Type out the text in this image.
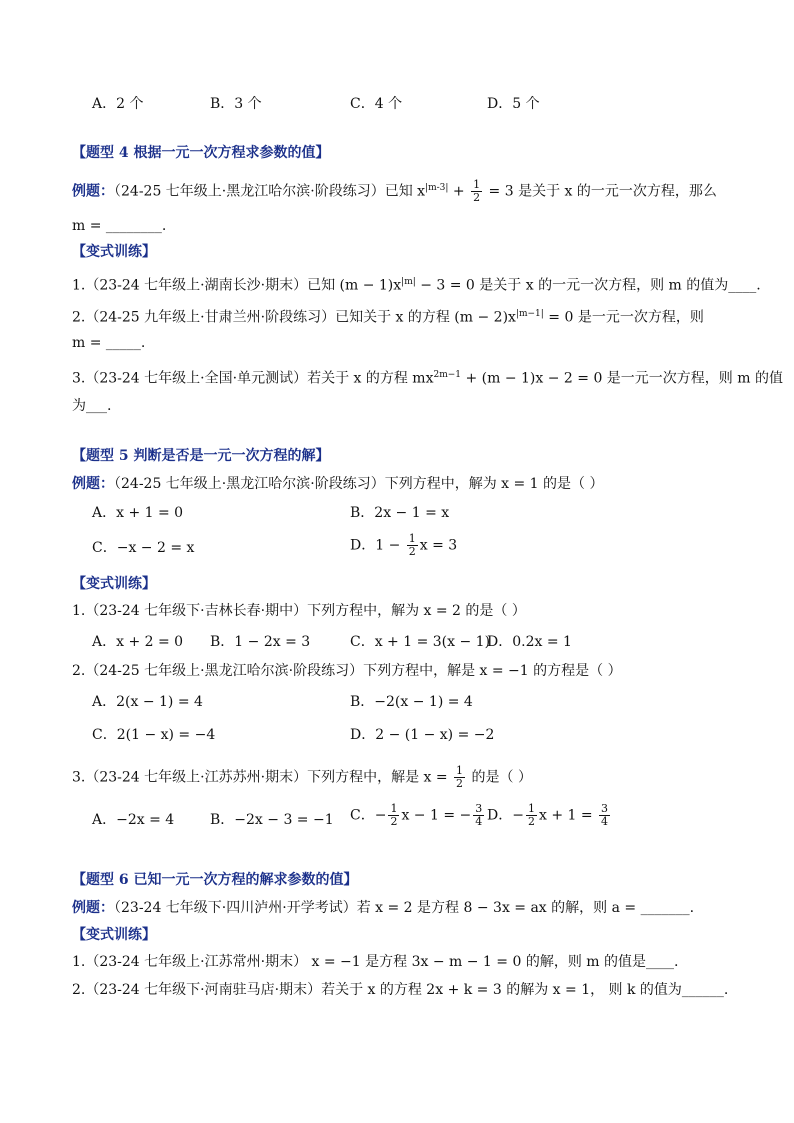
A．2 个	B．3 个	C．4 个	D．5 个
【题型 4 根据一元一次方程求参数的值】
例题：（24-25 七年级上·黑龙江哈尔滨·阶段练习）已知 $x^{|m-3|} + \frac{1}{2} = 3$ 是关于 x 的一元一次方程，那么
m = ________.
【变式训练】
1.（23-24 七年级上·湖南长沙·期末）已知 $(m - 1)x^{|m|} - 3 = 0$ 是关于 x 的一元一次方程，则 m 的值为____.
2.（24-25 九年级上·甘肃兰州·阶段练习）已知关于 x 的方程 $(m - 2)x^{|m-1|} = 0$ 是一元一次方程，则
m = _____.
3.（23-24 七年级上·全国·单元测试）若关于 x 的方程 $mx^{2m-1} + (m - 1)x - 2 = 0$ 是一元一次方程，则 m 的值
为___.
【题型 5 判断是否是一元一次方程的解】
例题：（24-25 七年级上·黑龙江哈尔滨·阶段练习）下列方程中，解为 x = 1 的是（ ）
A．x + 1 = 0	B．2x − 1 = x
C．−x − 2 = x	D．$1 - \frac{1}{2}$ x = 3
【变式训练】
1.（23-24 七年级下·吉林长春·期中）下列方程中，解为 x = 2 的是（ ）
A．x + 2 = 0 B．1 − 2x = 3	C．x + 1 = 3(x − 1)
D．0.2x = 1
2.（24-25 七年级上·黑龙江哈尔滨·阶段练习）下列方程中，解是 x = −1 的方程是（ ）
A．2(x − 1) = 4	B．−2(x − 1) = 4
C．2(1 − x) = −4	D．2 − (1 − x) = −2
3.（23-24 七年级上·江苏苏州·期末）下列方程中，解是 $x = \frac{1}{2}$ 的是（ ）
A．−2x = 4	B．−2x − 3 = −1 C．− $\frac{1}{2}$ x − 1 = − $\frac{3}{4}$ D．− $\frac{1}{2}$ $x + 1 = \frac{3}{4}$
【题型 6 已知一元一次方程的解求参数的值】
例题：（23-24 七年级下·四川泸州·开学考试）若 x = 2 是方程 8 − 3x = ax 的解，则 a = _______.
【变式训练】
1.（23-24 七年级上·江苏常州·期末） x = −1 是方程 3x − m − 1 = 0 的解，则 m 的值是____.
2.（23-24 七年级下·河南驻马店·期末）若关于 x 的方程 2x + k = 3 的解为 x = 1， 则 k 的值为______.
